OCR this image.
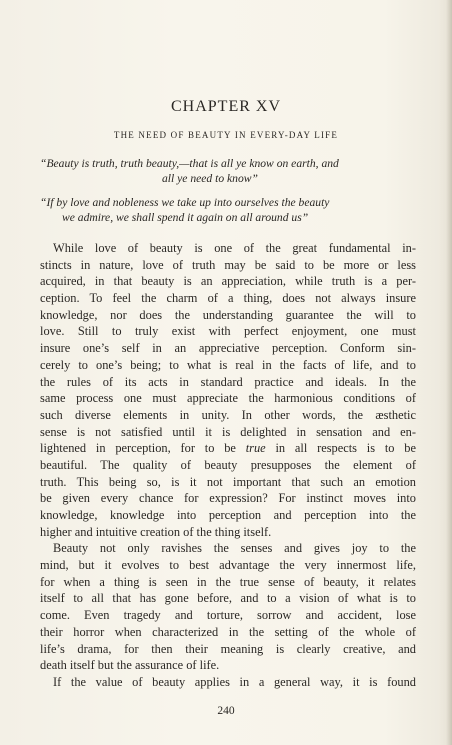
CHAPTER XV
THE NEED OF BEAUTY IN EVERY-DAY LIFE

“Beauty is truth, truth beauty,—that is all ye know on earth, and
all ye need to know”

“If by love and nobleness we take up into ourselves the beauty
we admire, we shall spend it again on all around us”

While love of beauty is one of the great fundamental in-
stincts in nature, love of truth may be said to be more or less
acquired, in that beauty is an appreciation, while truth is a per-
ception. To feel the charm of a thing, does not always insure
knowledge, nor does the understanding guarantee the will to
love. Still to truly exist with perfect enjoyment, one must
insure one’s self in an appreciative perception. Conform sin-
cerely to one’s being; to what is real in the facts of life, and to
the rules of its acts in standard practice and ideals. In the
same process one must appreciate the harmonious conditions of
such diverse elements in unity. In other words, the æsthetic
sense is not satisfied until it is delighted in sensation and en-
lightened in perception, for to be true in all respects is to be
beautiful. The quality of beauty presupposes the element of
truth. This being so, is it not important that such an emotion
be given every chance for expression? For instinct moves into
knowledge, knowledge into perception and perception into the
higher and intuitive creation of the thing itself.
Beauty not only ravishes the senses and gives joy to the
mind, but it evolves to best advantage the very innermost life,
for when a thing is seen in the true sense of beauty, it relates
itself to all that has gone before, and to a vision of what is to
come. Even tragedy and torture, sorrow and accident, lose
their horror when characterized in the setting of the whole of
life’s drama, for then their meaning is clearly creative, and
death itself but the assurance of life.
If the value of beauty applies in a general way, it is found

240
